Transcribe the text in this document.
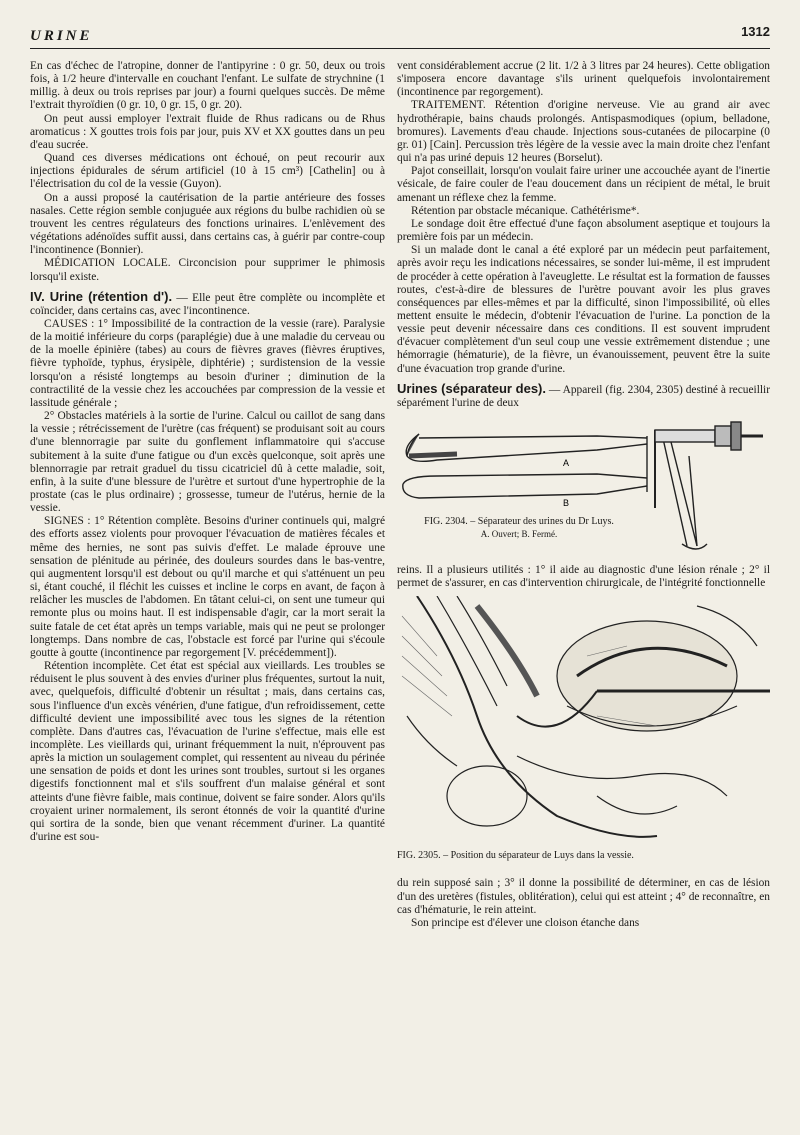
URINE	1312

En cas d'échec de l'atropine, donner de l'antipyrine : 0 gr. 50, deux ou trois fois, à 1/2 heure d'intervalle en couchant l'enfant. Le sulfate de strychnine (1 millig. à deux ou trois reprises par jour) a fourni quelques succès. De même l'extrait thyroïdien (0 gr. 10, 0 gr. 15, 0 gr. 20).

On peut aussi employer l'extrait fluide de Rhus radicans ou de Rhus aromaticus : X gouttes trois fois par jour, puis XV et XX gouttes dans un peu d'eau sucrée.

Quand ces diverses médications ont échoué, on peut recourir aux injections épidurales de sérum artificiel (10 à 15 cm³) [Cathelin] ou à l'électrisation du col de la vessie (Guyon).

On a aussi proposé la cautérisation de la partie antérieure des fosses nasales. Cette région semble conjuguée aux régions du bulbe rachidien où se trouvent les centres régulateurs des fonctions urinaires. L'enlèvement des végétations adénoïdes suffit aussi, dans certains cas, à guérir par contre-coup l'incontinence (Bonnier).

MÉDICATION LOCALE. Circoncision pour supprimer le phimosis lorsqu'il existe.

IV. Urine (rétention d'). — Elle peut être complète ou incomplète et coïncider, dans certains cas, avec l'incontinence.

CAUSES : 1° Impossibilité de la contraction de la vessie (rare). Paralysie de la moitié inférieure du corps (paraplégie) due à une maladie du cerveau ou de la moelle épinière (tabes) au cours de fièvres graves (fièvres éruptives, fièvre typhoïde, typhus, érysipèle, diphtérie) ; surdistension de la vessie lorsqu'on a résisté longtemps au besoin d'uriner ; diminution de la contractilité de la vessie chez les accouchées par compression de la vessie et lassitude générale ;

2° Obstacles matériels à la sortie de l'urine. Calcul ou caillot de sang dans la vessie ; rétrécissement de l'urètre (cas fréquent) se produisant soit au cours d'une blennorragie par suite du gonflement inflammatoire qui s'accuse subitement à la suite d'une fatigue ou d'un excès quelconque, soit après une blennorragie par retrait graduel du tissu cicatriciel dû à cette maladie, soit, enfin, à la suite d'une blessure de l'urètre et surtout d'une hypertrophie de la prostate (cas le plus ordinaire) ; grossesse, tumeur de l'utérus, hernie de la vessie.

SIGNES : 1° Rétention complète. Besoins d'uriner continuels qui, malgré des efforts assez violents pour provoquer l'évacuation de matières fécales et même des hernies, ne sont pas suivis d'effet. Le malade éprouve une sensation de plénitude au périnée, des douleurs sourdes dans le bas-ventre, qui augmentent lorsqu'il est debout ou qu'il marche et qui s'atténuent un peu si, étant couché, il fléchit les cuisses et incline le corps en avant, de façon à relâcher les muscles de l'abdomen. En tâtant celui-ci, on sent une tumeur qui remonte plus ou moins haut. Il est indispensable d'agir, car la mort serait la suite fatale de cet état après un temps variable, mais qui ne peut se prolonger longtemps. Dans nombre de cas, l'obstacle est forcé par l'urine qui s'écoule goutte à goutte (incontinence par regorgement [V. précédemment]).

Rétention incomplète. Cet état est spécial aux vieillards. Les troubles se réduisent le plus souvent à des envies d'uriner plus fréquentes, surtout la nuit, avec, quelquefois, difficulté d'obtenir un résultat ; mais, dans certains cas, sous l'influence d'un excès vénérien, d'une fatigue, d'un refroidissement, cette difficulté devient une impossibilité avec tous les signes de la rétention complète. Dans d'autres cas, l'évacuation de l'urine s'effectue, mais elle est incomplète. Les vieillards qui, urinant fréquemment la nuit, n'éprouvent pas après la miction un soulagement complet, qui ressentent au niveau du périnée une sensation de poids et dont les urines sont troubles, surtout si les organes digestifs fonctionnent mal et s'ils souffrent d'un malaise général et sont atteints d'une fièvre faible, mais continue, doivent se faire sonder. Alors qu'ils croyaient uriner normalement, ils seront étonnés de voir la quantité d'urine qui sortira de la sonde, bien que venant récemment d'uriner. La quantité d'urine est sou-

vent considérablement accrue (2 lit. 1/2 à 3 litres par 24 heures). Cette obligation s'imposera encore davantage s'ils urinent quelquefois involontairement (incontinence par regorgement).

TRAITEMENT. Rétention d'origine nerveuse. Vie au grand air avec hydrothérapie, bains chauds prolongés. Antispasmodiques (opium, belladone, bromures). Lavements d'eau chaude. Injections sous-cutanées de pilocarpine (0 gr. 01) [Cain]. Percussion très légère de la vessie avec la main droite chez l'enfant qui n'a pas uriné depuis 12 heures (Borselut).

Pajot conseillait, lorsqu'on voulait faire uriner une accouchée ayant de l'inertie vésicale, de faire couler de l'eau doucement dans un récipient de métal, le bruit amenant un réflexe chez la femme.

Rétention par obstacle mécanique. Cathétérisme*.

Le sondage doit être effectué d'une façon absolument aseptique et toujours la première fois par un médecin.

Si un malade dont le canal a été exploré par un médecin peut parfaitement, après avoir reçu les indications nécessaires, se sonder lui-même, il est imprudent de procéder à cette opération à l'aveuglette. Le résultat est la formation de fausses routes, c'est-à-dire de blessures de l'urètre pouvant avoir les plus graves conséquences par elles-mêmes et par la difficulté, sinon l'impossibilité, où elles mettent ensuite le médecin, d'obtenir l'évacuation de l'urine. La ponction de la vessie peut devenir nécessaire dans ces conditions. Il est souvent imprudent d'évacuer complètement d'un seul coup une vessie extrêmement distendue ; une hémorragie (hématurie), de la fièvre, un évanouissement, peuvent être la suite d'une évacuation trop grande d'urine.

Urines (séparateur des). — Appareil (fig. 2304, 2305) destiné à recueillir séparément l'urine de deux

A
B
FIG. 2304. – Séparateur des urines du Dr Luys.
A. Ouvert; B. Fermé.

reins. Il a plusieurs utilités : 1° il aide au diagnostic d'une lésion rénale ; 2° il permet de s'assurer, en cas d'intervention chirurgicale, de l'intégrité fonctionnelle

FIG. 2305. – Position du séparateur de Luys dans la vessie.

du rein supposé sain ; 3° il donne la possibilité de déterminer, en cas de lésion d'un des uretères (fistules, oblitération), celui qui est atteint ; 4° de reconnaître, en cas d'hématurie, le rein atteint.

Son principe est d'élever une cloison étanche dans
